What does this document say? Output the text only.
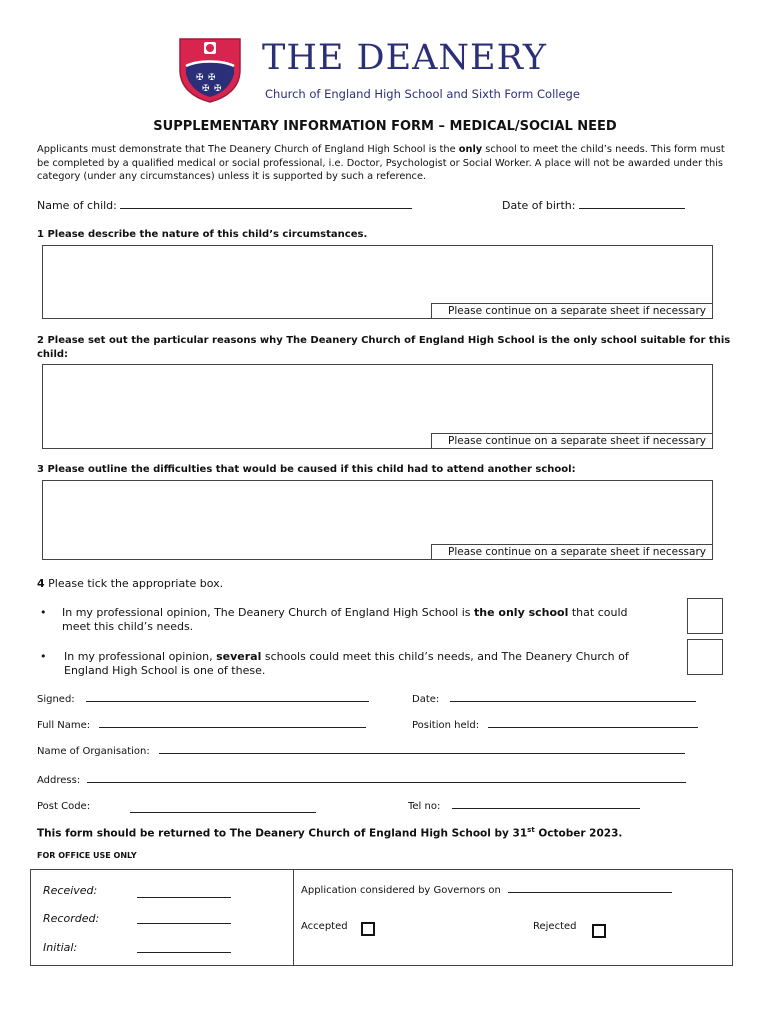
✠ ✠
✠ ✠
THE DEANERY
Church of England High School and Sixth Form College
SUPPLEMENTARY INFORMATION FORM – MEDICAL/SOCIAL NEED
Applicants must demonstrate that The Deanery Church of England High School is the only school to meet the child’s needs. This form must be completed by a qualified medical or social professional, i.e. Doctor, Psychologist or Social Worker. A place will not be awarded under this category (under any circumstances) unless it is supported by such a reference.
Name of child:	Date of birth:
1 Please describe the nature of this child’s circumstances.
Please continue on a separate sheet if necessary
2 Please set out the particular reasons why The Deanery Church of England High School is the only school suitable for this child:
Please continue on a separate sheet if necessary
3 Please outline the difficulties that would be caused if this child had to attend another school:
Please continue on a separate sheet if necessary
4 Please tick the appropriate box.
• In my professional opinion, The Deanery Church of England High School is the only school that could meet this child’s needs.
• In my professional opinion, several schools could meet this child’s needs, and The Deanery Church of England High School is one of these.
Signed:	Date:
Full Name:	Position held:
Name of Organisation:
Address:
Post Code:	Tel no:
This form should be returned to The Deanery Church of England High School by 31st October 2023.
FOR OFFICE USE ONLY
Received:
Recorded:
Initial:
Application considered by Governors on
Accepted	Rejected
